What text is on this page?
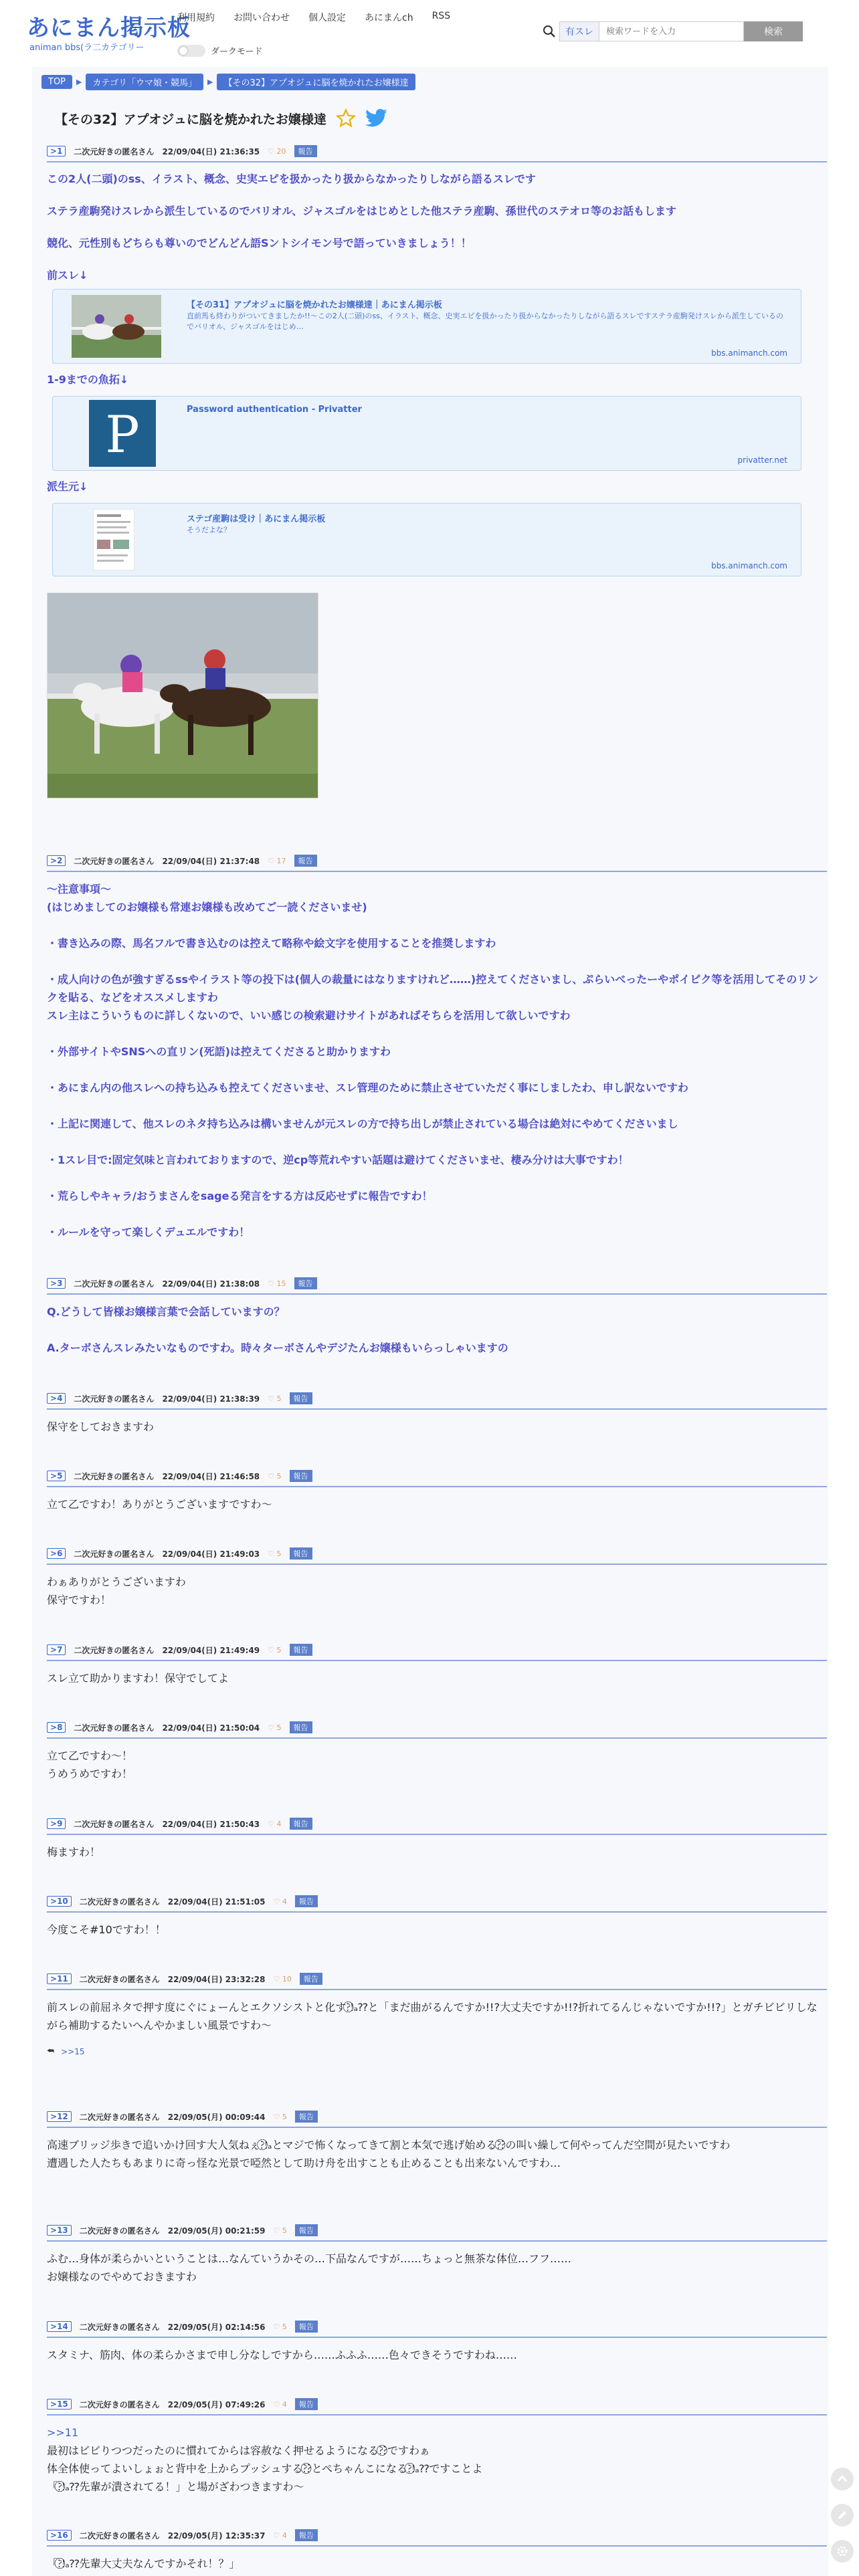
あにまん掲示板
animan bbs(ラ二カテゴリー
利用規約 お問い合わせ 個人設定 あにまんch RSS
ダークモード
有スレ
検索ワードを入力	検索
TOP	▶	カテゴリ「ウマ娘・競馬」	▶	【その32】アプオジュに脳を焼かれたお嬢様達
【その32】アプオジュに脳を焼かれたお嬢様達
>1	二次元好きの匿名さん 22/09/04(日) 21:36:35 ♡ 20	報告
この2人(二頭)のss、イラスト、概念、史実エピを扱かったり扱からなかったりしながら語るスレです
ステラ産駒発けスレから派生しているのでバリオル、ジャスゴルをはじめとした他ステラ産駒、孫世代のステオロ等のお話もします
競化、元性別もどちらも尊いのでどんどん語Sントシイモン号で語っていきましょう！！
前スレ↓
【その31】アプオジュに脳を焼かれたお嬢様達｜あにまん掲示板
直前馬も終わりがついてきましたか!!〜この2人(二頭)のss、イラスト、概念、史実エピを扱かったり扱からなかったりしながら語るスレですステラ産駒発けスレから派生しているのでバリオル、ジャスゴルをはじめ…
bbs.animanch.com
1-9までの魚拓↓
P	Password authentication - Privatter
privatter.net
派生元↓
ステゴ産駒は受け｜あにまん掲示板
そうだよな？
bbs.animanch.com
>2	二次元好きの匿名さん 22/09/04(日) 21:37:48 ♡ 17	報告
〜注意事項〜
(はじめましてのお嬢様も常連お嬢様も改めてご一読くださいませ)
・書き込みの際、馬名フルで書き込むのは控えて略称や絵文字を使用することを推奨しますわ
・成人向けの色が強すぎるssやイラスト等の投下は(個人の裁量にはなりますけれど……)控えてくださいまし、ぷらいべったーやポイピク等を活用してそのリンクを貼る、などをオススメしますわ
スレ主はこういうものに詳しくないので、いい感じの検索避けサイトがあればそちらを活用して欲しいですわ
・外部サイトやSNSへの直リン(死語)は控えてくださると助かりますわ
・あにまん内の他スレへの持ち込みも控えてくださいませ、スレ管理のために禁止させていただく事にしましたわ、申し訳ないですわ
・上記に関連して、他スレのネタ持ち込みは構いませんが元スレの方で持ち出しが禁止されている場合は絶対にやめてくださいまし
・1スレ目で:固定気味と言われておりますので、逆cp等荒れやすい話題は避けてくださいませ、棲み分けは大事ですわ！
・荒らしやキャラ/おうまさんをsageる発言をする方は反応せずに報告ですわ！
・ルールを守って楽しくデュエルですわ！
>3	二次元好きの匿名さん 22/09/04(日) 21:38:08 ♡ 15	報告
Q.どうして皆様お嬢様言葉で会話していますの？
A.ターボさんスレみたいなものですわ。時々ターボさんやデジたんお嬢様もいらっしゃいますの
>4	二次元好きの匿名さん 22/09/04(日) 21:38:39 ♡ 5	報告
保守をしておきますわ
>5	二次元好きの匿名さん 22/09/04(日) 21:46:58 ♡ 5	報告
立て乙ですわ！ありがとうございますですわ〜
>6	二次元好きの匿名さん 22/09/04(日) 21:49:03 ♡ 5	報告
わぁありがとうございますわ
保守ですわ！
>7	二次元好きの匿名さん 22/09/04(日) 21:49:49 ♡ 5	報告
スレ立て助かりますわ！保守でしてよ
>8	二次元好きの匿名さん 22/09/04(日) 21:50:04 ♡ 5	報告
立て乙ですわ〜！
うめうめですわ！
>9	二次元好きの匿名さん 22/09/04(日) 21:50:43 ♡ 4	報告
梅ますわ！
>10	二次元好きの匿名さん 22/09/04(日) 21:51:05 ♡ 4	報告
今度こそ#10ですわ！！
>11	二次元好きの匿名さん 22/09/04(日) 23:32:28 ♡ 10	報告
前スレの前屈ネタで押す度にぐにょーんとエクソシストと化す⁈⃝⃝ₐ⁇と「まだ曲がるんですか!!?大丈夫ですか!!?折れてるんじゃないですか!!?」とガチビビリしながら補助するたいへんやかましい風景ですわ〜
⮪ >>15
>12	二次元好きの匿名さん 22/09/05(月) 00:09:44 ♡ 5	報告
高速ブリッジ歩きで追いかけ回す大人気ねぇ⁈⃝⃝ₐとマジで怖くなってきて割と本気で逃げ始める⁇⃝⃝の叫い繰して何やってんだ空間が見たいですわ
遭遇した人たちもあまりに奇っ怪な光景で啞然として助け舟を出すことも止めることも出来ないんですわ…
>13	二次元好きの匿名さん 22/09/05(月) 00:21:59 ♡ 5	報告
ふむ…身体が柔らかいということは…なんていうかその…下品なんですが……ちょっと無茶な体位…フフ……
お嬢様なのでやめておきますわ
>14	二次元好きの匿名さん 22/09/05(月) 02:14:56 ♡ 5	報告
スタミナ、筋肉、体の柔らかさまで申し分なしですから……ふふふ……色々できそうですわね……
>15	二次元好きの匿名さん 22/09/05(月) 07:49:26 ♡ 4	報告
>>11
最初はビビりつつだったのに慣れてからは容赦なく押せるようになる⁇⃝⃝ですわぁ
体全体使ってよいしょぉと背中を上からプッシュする⁇⃝⃝とぺちゃんこになる⁈⃝⃝ₐ⁇ですことよ
「⁈⃝⃝ₐ⁇先輩が潰されてる！」と場がざわつきますわ〜
>16	二次元好きの匿名さん 22/09/05(月) 12:35:37 ♡ 4	報告
「⁈⃝⃝ₐ⁇先輩大丈夫なんですかそれ！？」
